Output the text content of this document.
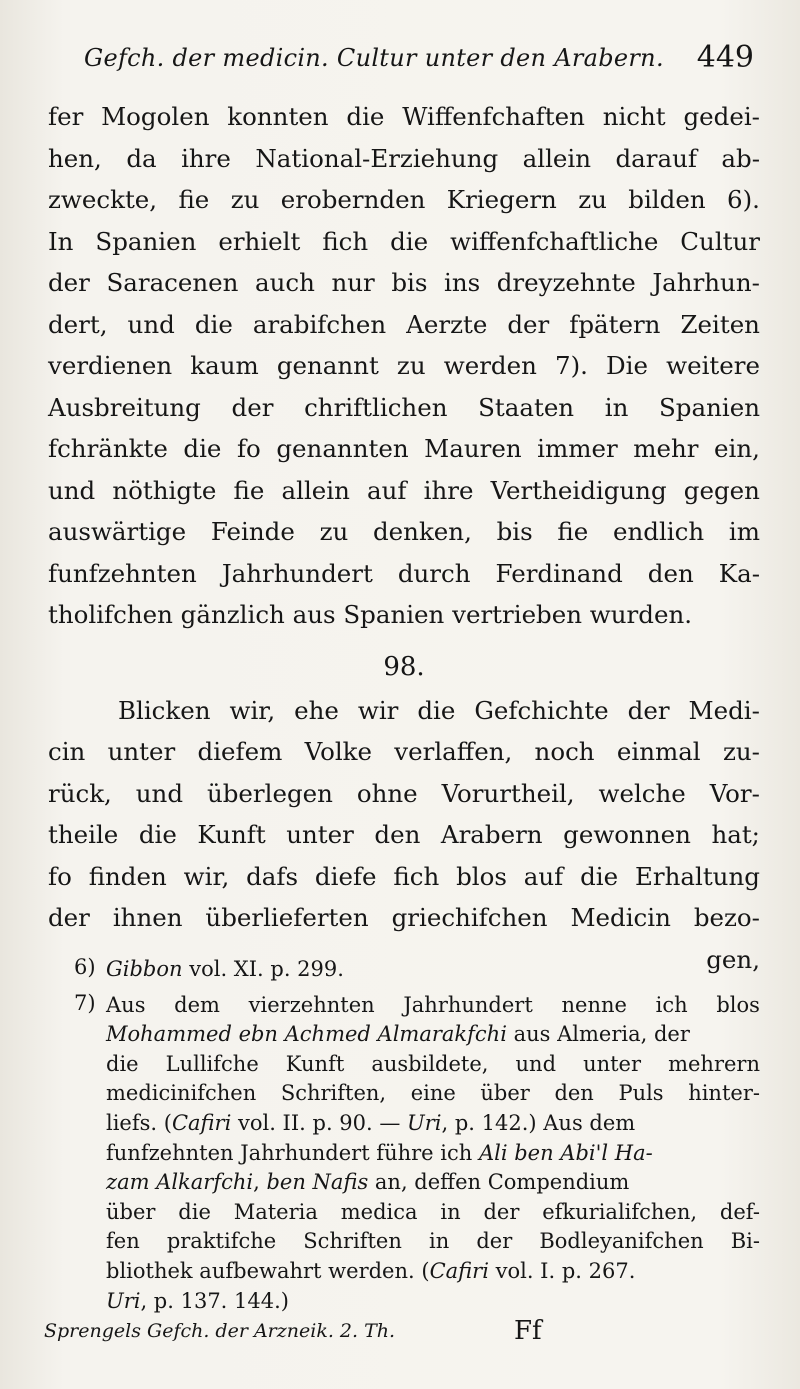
Gefch. der medicin. Cultur unter den Arabern. 449
fer Mogolen konnten die Wiffenfchaften nicht gedei-
hen, da ihre National-Erziehung allein darauf ab-
zweckte, fie zu erobernden Kriegern zu bilden 6).
In Spanien erhielt fich die wiffenfchaftliche Cultur
der Saracenen auch nur bis ins dreyzehnte Jahrhun-
dert, und die arabifchen Aerzte der fpätern Zeiten
verdienen kaum genannt zu werden 7). Die weitere
Ausbreitung der chriftlichen Staaten in Spanien
fchränkte die fo genannten Mauren immer mehr ein,
und nöthigte fie allein auf ihre Vertheidigung gegen
auswärtige Feinde zu denken, bis fie endlich im
funfzehnten Jahrhundert durch Ferdinand den Ka-
tholifchen gänzlich aus Spanien vertrieben wurden.
98.
Blicken wir, ehe wir die Gefchichte der Medi-
cin unter diefem Volke verlaffen, noch einmal zu-
rück, und überlegen ohne Vorurtheil, welche Vor-
theile die Kunft unter den Arabern gewonnen hat;
fo finden wir, dafs diefe fich blos auf die Erhaltung
der ihnen überlieferten griechifchen Medicin bezo-
gen,
6) Gibbon vol. XI. p. 299.
7) Aus dem vierzehnten Jahrhundert nenne ich blos
Mohammed ebn Achmed Almarakfchi aus Almeria, der
die Lullifche Kunft ausbildete, und unter mehrern
medicinifchen Schriften, eine über den Puls hinter-
liefs. (Cafiri vol. II. p. 90. — Uri, p. 142.) Aus dem
funfzehnten Jahrhundert führe ich Ali ben Abi'l Ha-
zam Alkarfchi, ben Nafis an, deffen Compendium
über die Materia medica in der efkurialifchen, def-
fen praktifche Schriften in der Bodleyanifchen Bi-
bliothek aufbewahrt werden. (Cafiri vol. I. p. 267.
Uri, p. 137. 144.)
Sprengels Gefch. der Arzneik. 2. Th.	Ff
